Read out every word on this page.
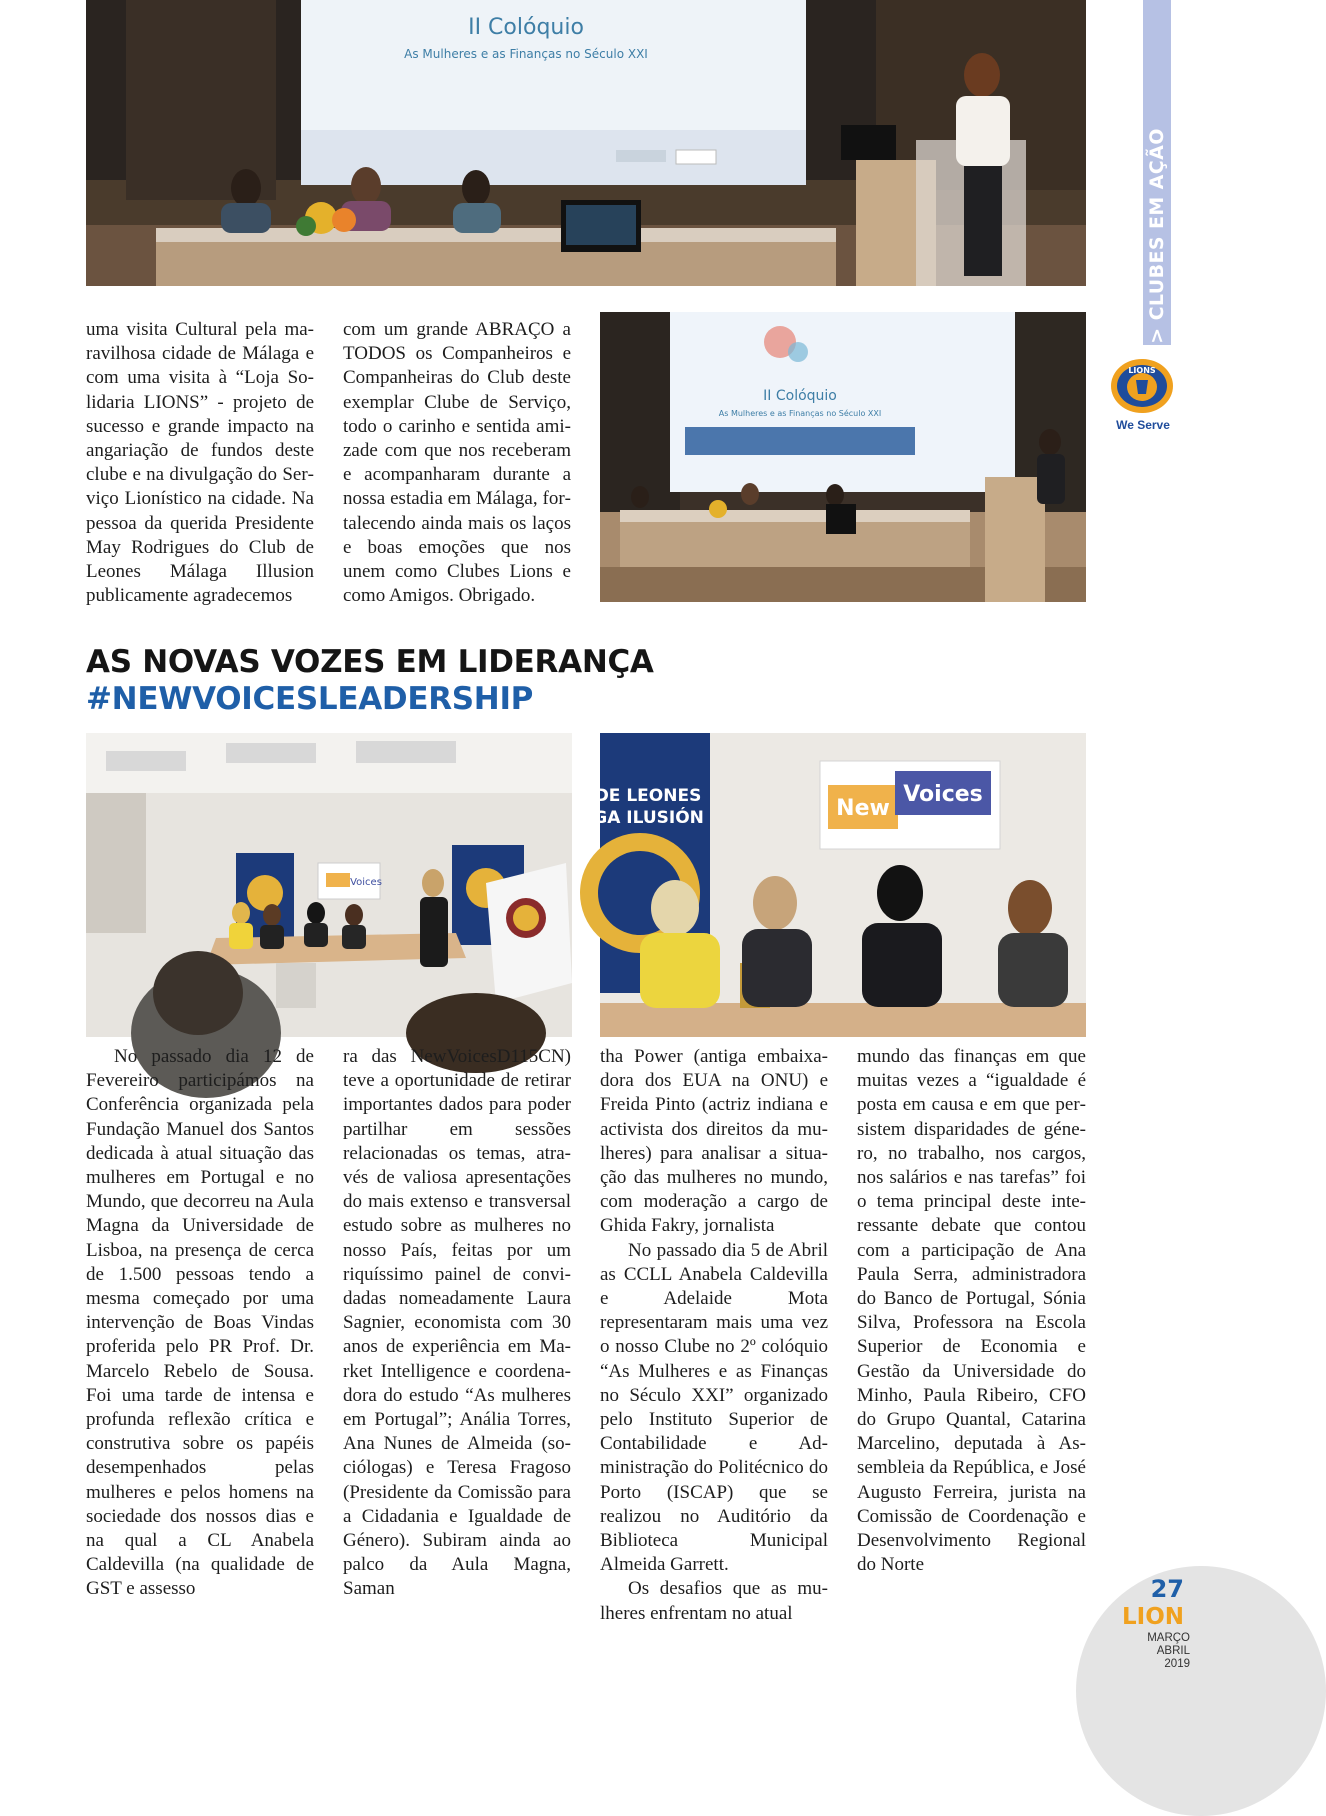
II Colóquio
As Mulheres e as Finanças no Século XXI

uma visita Cultural pela maravilhosa cidade de Málaga e com uma visita à “Loja Solidaria LIONS” - projeto de sucesso e grande impacto na angariação de fundos deste clube e na divulgação do Serviço Lionístico na cidade. Na pessoa da querida Presidente May Rodrigues do Club de Leones Málaga Illusion publicamente agradecemos

com um grande ABRAÇO a TODOS os Companheiros e Companheiras do Club deste exemplar Clube de Serviço, todo o carinho e sentida amizade com que nos receberam e acompanharam durante a nossa estadia em Málaga, fortalecendo ainda mais os laços e boas emoções que nos unem como Clubes Lions e como Amigos. Obrigado.

II Colóquio
As Mulheres e as Finanças no Século XXI
AS NOVAS VOZES EM LIDERANÇA
#NEWVOICESLEADERSHIP
Voices
DE LEONES
AGA ILUSIÓN	New
Voices

No passado dia 12 de Fevereiro participámos na Conferência organizada pela Fundação Manuel dos Santos dedicada à atual situação das mulheres em Portugal e no Mundo, que decorreu na Aula Magna da Universidade de Lisboa, na presença de cerca de 1.500 pessoas tendo a mesma começado por uma intervenção de Boas Vindas proferida pelo PR Prof. Dr. Marcelo Rebelo de Sousa. Foi uma tarde de intensa e profunda reflexão crítica e construtiva sobre os papéis desempenhados pelas mulheres e pelos homens na sociedade dos nossos dias e na qual a CL Anabela Caldevilla (na qualidade de GST e assesso

ra das NewVoicesD115CN) teve a oportunidade de retirar importantes dados para poder partilhar em sessões relacionadas os temas, através de valiosa apresentações do mais extenso e transversal estudo sobre as mulheres no nosso País, feitas por um riquíssimo painel de convidadas nomeadamente Laura Sagnier, economista com 30 anos de experiência em Market Intelligence e coordenadora do estudo “As mulheres em Portugal”; Anália Torres, Ana Nunes de Almeida (sociólogas) e Teresa Fragoso (Presidente da Comissão para a Cidadania e Igualdade de Género). Subiram ainda ao palco da Aula Magna, Saman

tha Power (antiga embaixadora dos EUA na ONU) e Freida Pinto (actriz indiana e activista dos direitos da mulheres) para analisar a situação das mulheres no mundo, com moderação a cargo de Ghida Fakry, jornalista

No passado dia 5 de Abril as CCLL Anabela Caldevilla e Adelaide Mota representaram mais uma vez o nosso Clube no 2º colóquio “As Mulheres e as Finanças no Século XXI” organizado pelo Instituto Superior de Contabilidade e Administração do Politécnico do Porto (ISCAP) que se realizou no Auditório da Biblioteca Municipal Almeida Garrett.

Os desafios que as mulheres enfrentam no atual

mundo das finanças em que muitas vezes a “igualdade é posta em causa e em que persistem disparidades de género, no trabalho, nos cargos, nos salários e nas tarefas” foi o tema principal deste interessante debate que contou com a participação de Ana Paula Serra, administradora do Banco de Portugal, Sónia Silva, Professora na Escola Superior de Economia e Gestão da Universidade do Minho, Paula Ribeiro, CFO do Grupo Quantal, Catarina Marcelino, deputada à Assembleia da República, e José Augusto Ferreira, jurista na Comissão de Coordenação e Desenvolvimento Regional do Norte

> CLUBES EM AÇÃO
LIONS
We Serve
27
LION
MARÇO
ABRIL
2019
